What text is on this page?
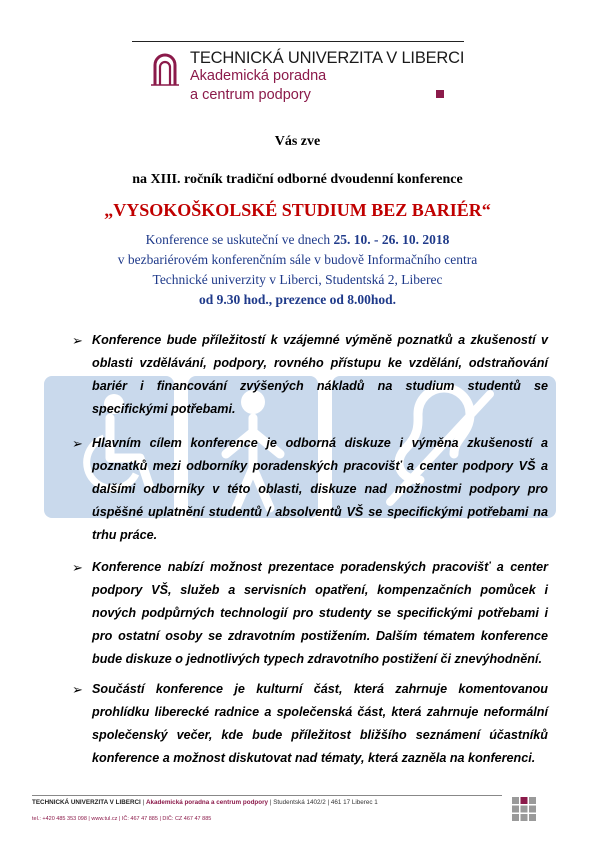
TECHNICKÁ UNIVERZITA V LIBERCI
Akademická poradna
a centrum podpory
Vás zve
na XIII. ročník tradiční odborné dvoudenní konference
„VYSOKOŠKOLSKÉ STUDIUM BEZ BARIÉR“
Konference se uskuteční ve dnech 25. 10. - 26. 10. 2018
v bezbariérovém konferenčním sále v budově Informačního centra
Technické univerzity v Liberci, Studentská 2, Liberec
od 9.30 hod., prezence od 8.00hod.
➢ Konference bude příležitostí k vzájemné výměně poznatků a zkušeností v oblasti vzdělávání, podpory, rovného přístupu ke vzdělání, odstraňování bariér i financování zvýšených nákladů na studium studentů se specifickými potřebami.
➢ Hlavním cílem konference je odborná diskuze i výměna zkušeností a poznatků mezi odborníky poradenských pracovišť a center podpory VŠ a dalšími odborníky v této oblasti, diskuze nad možnostmi podpory pro úspěšné uplatnění studentů / absolventů VŠ se specifickými potřebami na trhu práce.
➢ Konference nabízí možnost prezentace poradenských pracovišť a center podpory VŠ, služeb a servisních opatření, kompenzačních pomůcek i nových podpůrných technologií pro studenty se specifickými potřebami i pro ostatní osoby se zdravotním postižením. Dalším tématem konference bude diskuze o jednotlivých typech zdravotního postižení či znevýhodnění.
➢ Součástí konference je kulturní část, která zahrnuje komentovanou prohlídku liberecké radnice a společenská část, která zahrnuje neformální společenský večer, kde bude příležitost bližšího seznámení účastníků konference a možnost diskutovat nad tématy, která zazněla na konferenci.
TECHNICKÁ UNIVERZITA V LIBERCI | Akademická poradna a centrum podpory | Studentská 1402/2 | 461 17 Liberec 1
tel.: +420 485 353 098 | www.tul.cz | IČ: 467 47 885 | DIČ: CZ 467 47 885
